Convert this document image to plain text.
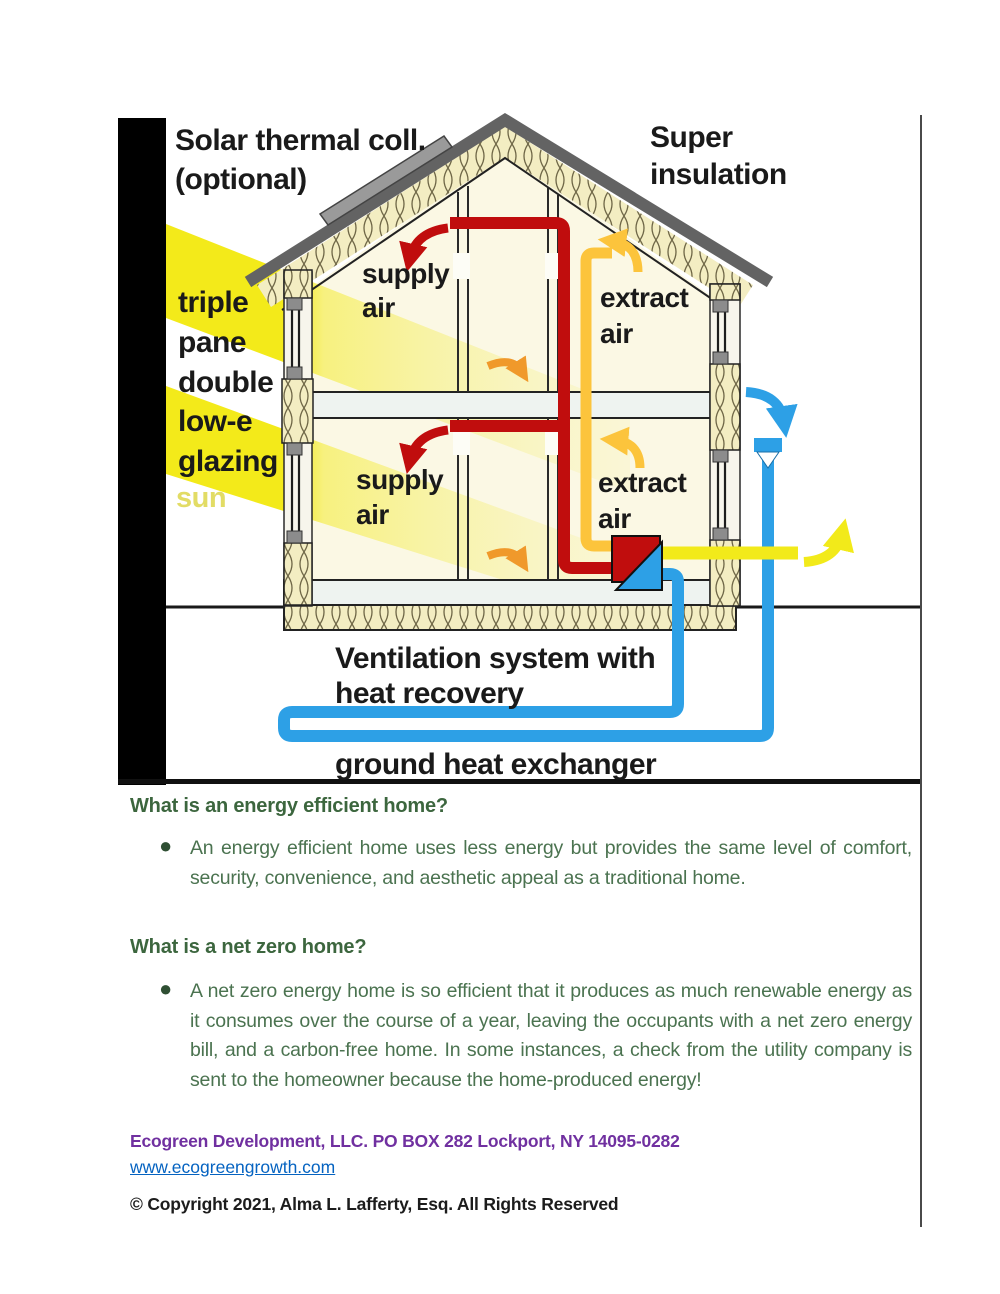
sun
Solar thermal coll.
(optional)
Super
insulation
triple
pane
double
low-e
glazing
supply
air	extract
air
supply
air
extract
air
Ventilation system with
heat recovery
ground heat exchanger
What is an energy efficient home?
● An energy efficient home uses less energy but provides the same level of comfort, security, convenience, and aesthetic appeal as a traditional home.
What is a net zero home?
● A net zero energy home is so efficient that it produces as much renewable energy as it consumes over the course of a year, leaving the occupants with a net zero energy bill, and a carbon-free home. In some instances, a check from the utility company is sent to the homeowner because the home-produced energy!
Ecogreen Development, LLC. PO BOX 282 Lockport, NY 14095-0282
www.ecogreengrowth.com
© Copyright 2021, Alma L. Lafferty, Esq. All Rights Reserved
